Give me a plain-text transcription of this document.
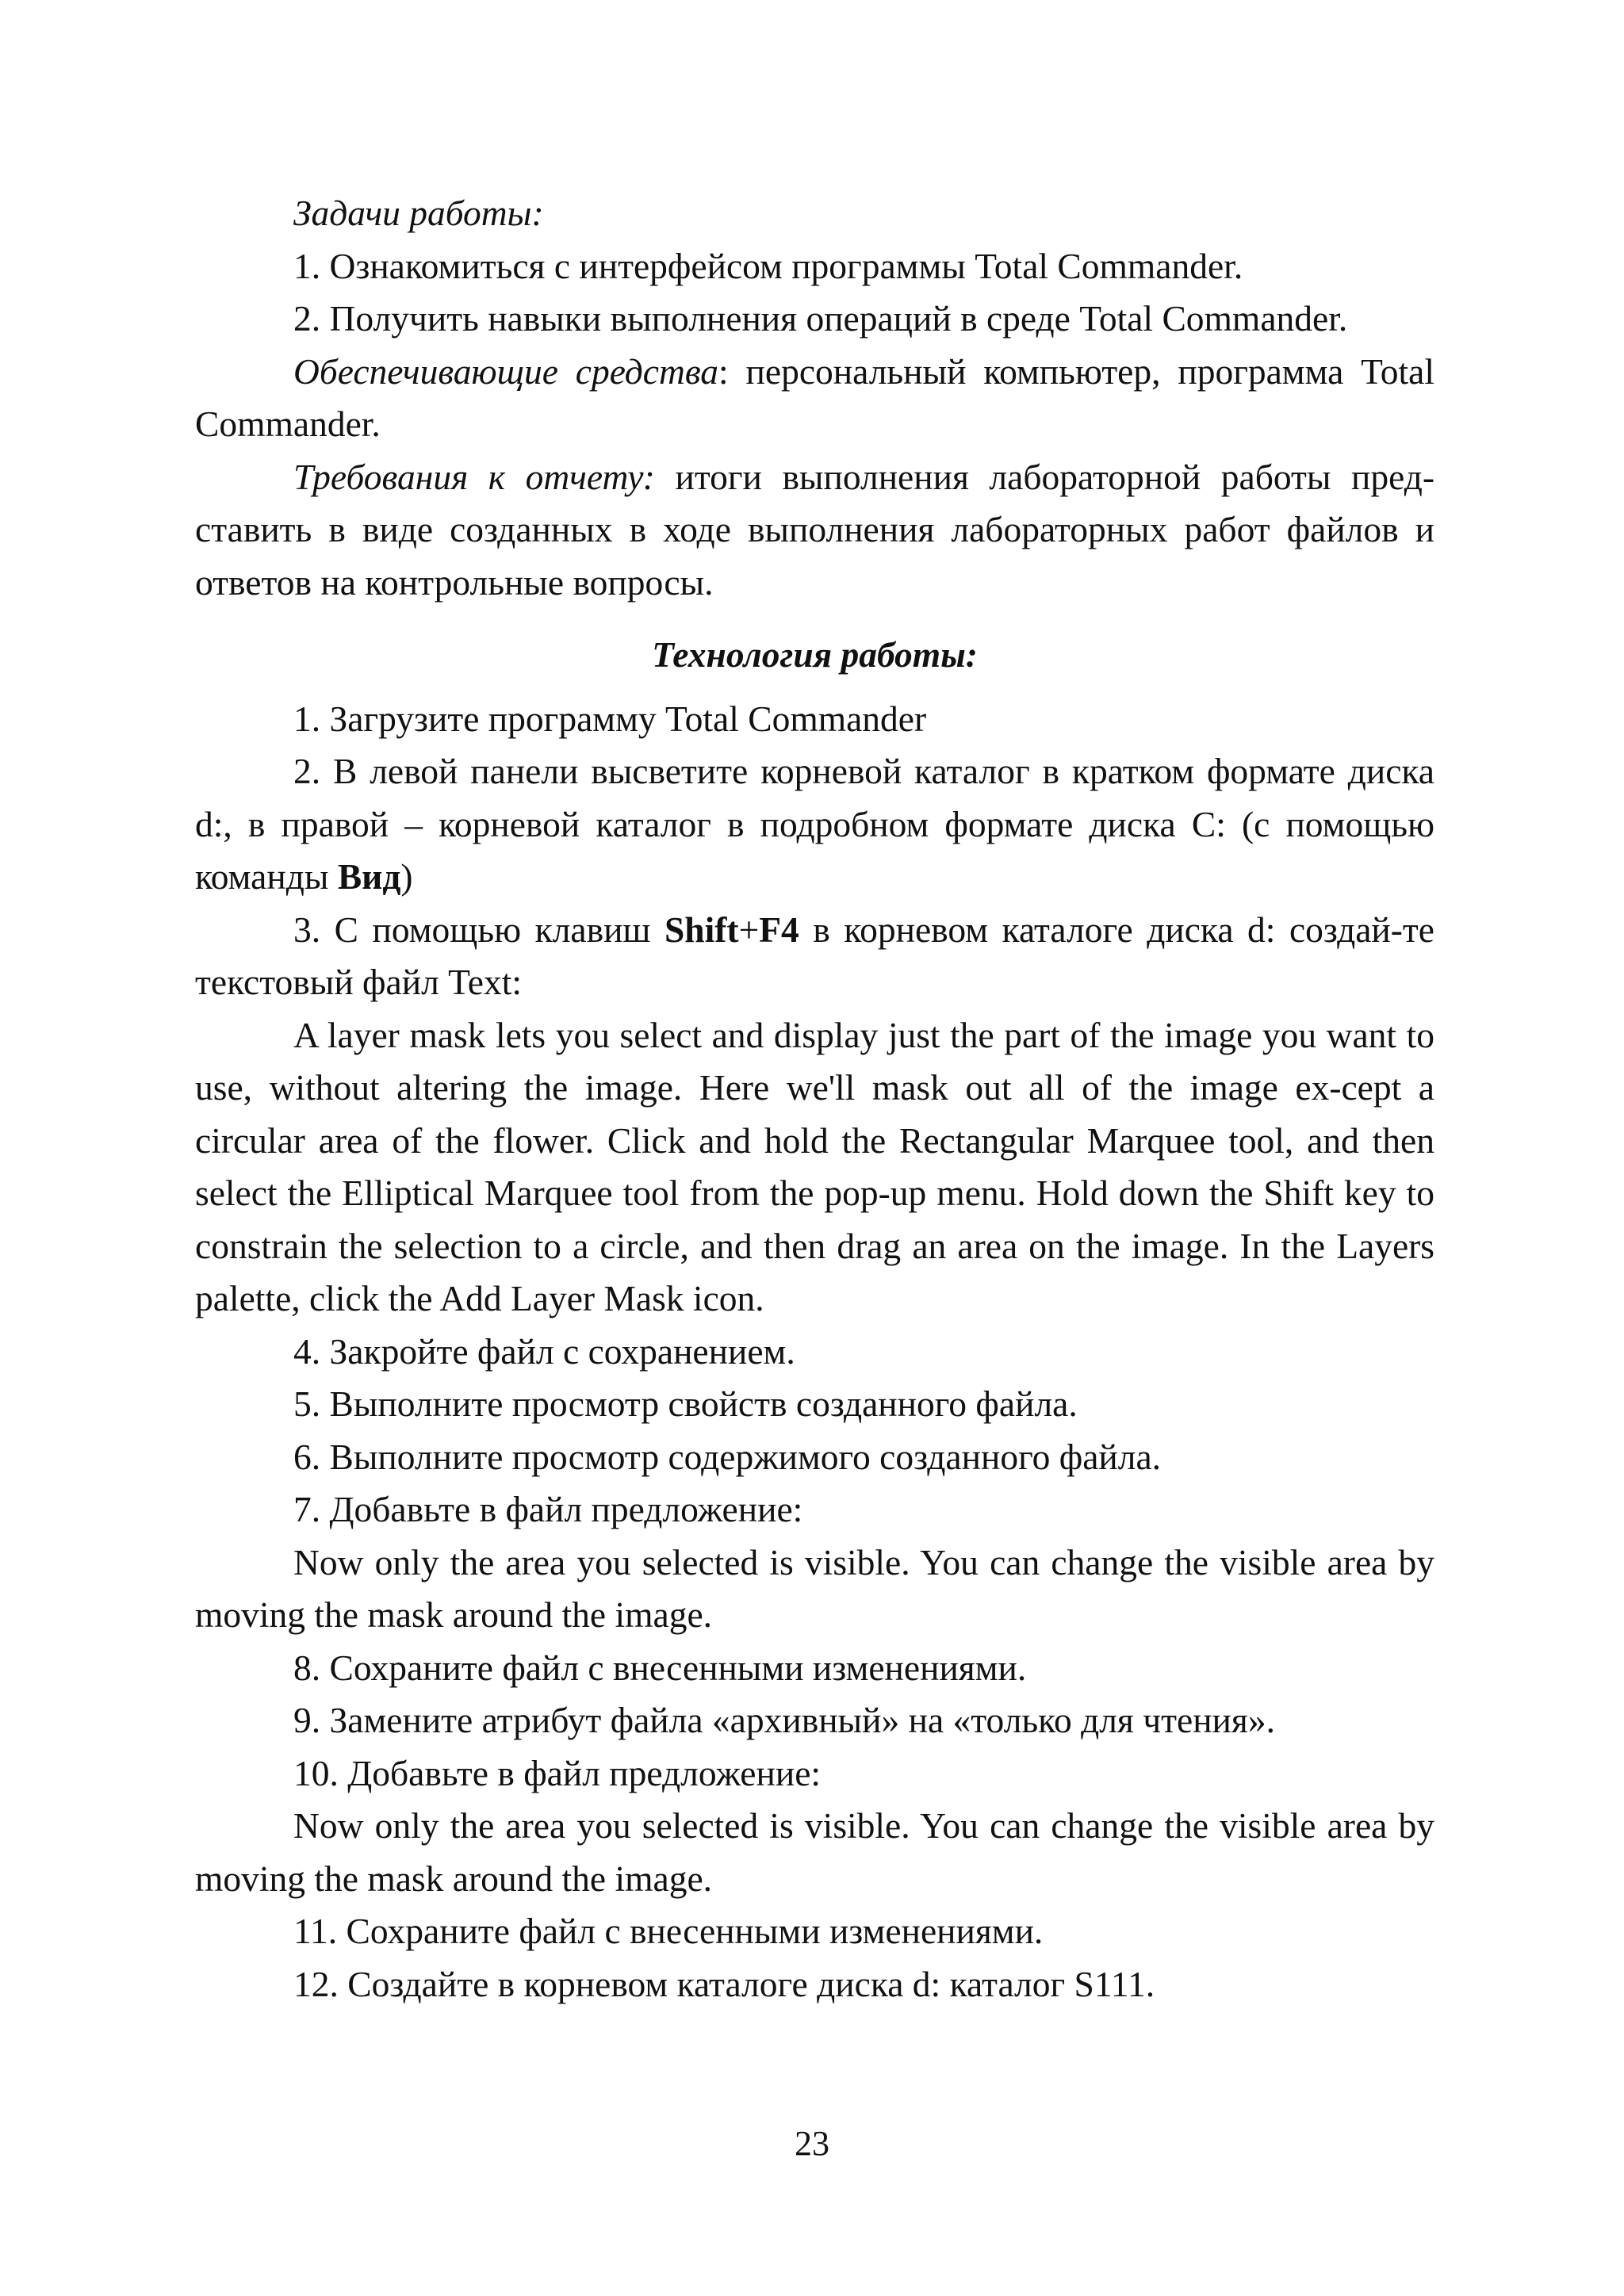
Задачи работы:

1. Ознакомиться с интерфейсом программы Total Commander.

2. Получить навыки выполнения операций в среде Total Commander.

Обеспечивающие средства: персональный компьютер, программа Total Commander.

Требования к отчету: итоги выполнения лабораторной работы пред-ставить в виде созданных в ходе выполнения лабораторных работ файлов и ответов на контрольные вопросы.

Технология работы:

1. Загрузите программу Total Commander

2. В левой панели высветите корневой каталог в кратком формате диска d:, в правой – корневой каталог в подробном формате диска С: (с помощью команды Вид)

3. С помощью клавиш Shift+F4 в корневом каталоге диска d: создай-те текстовый файл Text:

A layer mask lets you select and display just the part of the image you want to use, without altering the image. Here we'll mask out all of the image ex-cept a circular area of the flower. Click and hold the Rectangular Marquee tool, and then select the Elliptical Marquee tool from the pop-up menu. Hold down the Shift key to constrain the selection to a circle, and then drag an area on the image. In the Layers palette, click the Add Layer Mask icon.

4. Закройте файл с сохранением.

5. Выполните просмотр свойств созданного файла.

6. Выполните просмотр содержимого созданного файла.

7. Добавьте в файл предложение:

Now only the area you selected is visible. You can change the visible area by moving the mask around the image.

8. Сохраните файл с внесенными изменениями.

9. Замените атрибут файла «архивный» на «только для чтения».

10. Добавьте в файл предложение:

Now only the area you selected is visible. You can change the visible area by moving the mask around the image.

11. Сохраните файл с внесенными изменениями.

12. Создайте в корневом каталоге диска d: каталог S111.

23
